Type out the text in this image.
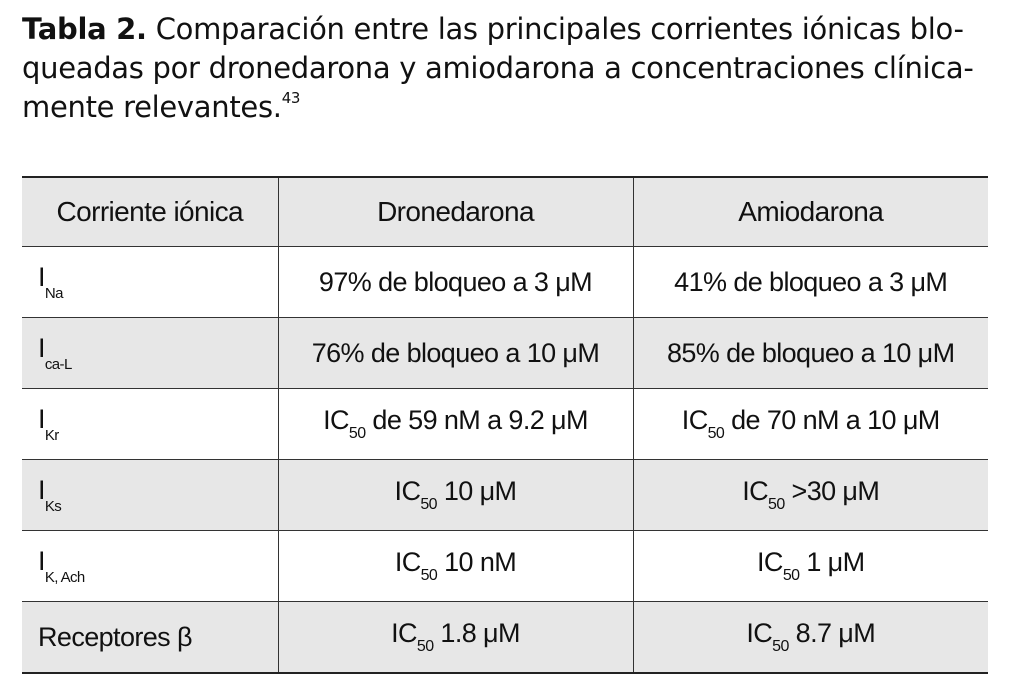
Tabla 2. Comparación entre las principales corrientes iónicas blo-queadas por dronedarona y amiodarona a concentraciones clínica-mente relevantes.$^{43}$
Corriente iónica	Dronedarona	Amiodarona
$I_{Na}$	97% de bloqueo a 3 μM	41% de bloqueo a 3 μM
$I_{ca-L}$	76% de bloqueo a 10 μM	85% de bloqueo a 10 μM
$I_{Kr}$	$IC_{50}$ de 59 nM a 9.2 μM	$IC_{50}$ de 70 nM a 10 μM
$I_{Ks}$	$IC_{50}$ 10 μM	$IC_{50} >30$ μM
$I_{K, Ach}$	$IC_{50}$ 10 nM	$IC_{50}$ 1 μM
Receptores β	$IC_{50}$ 1.8 μM	$IC_{50}$ 8.7 μM
